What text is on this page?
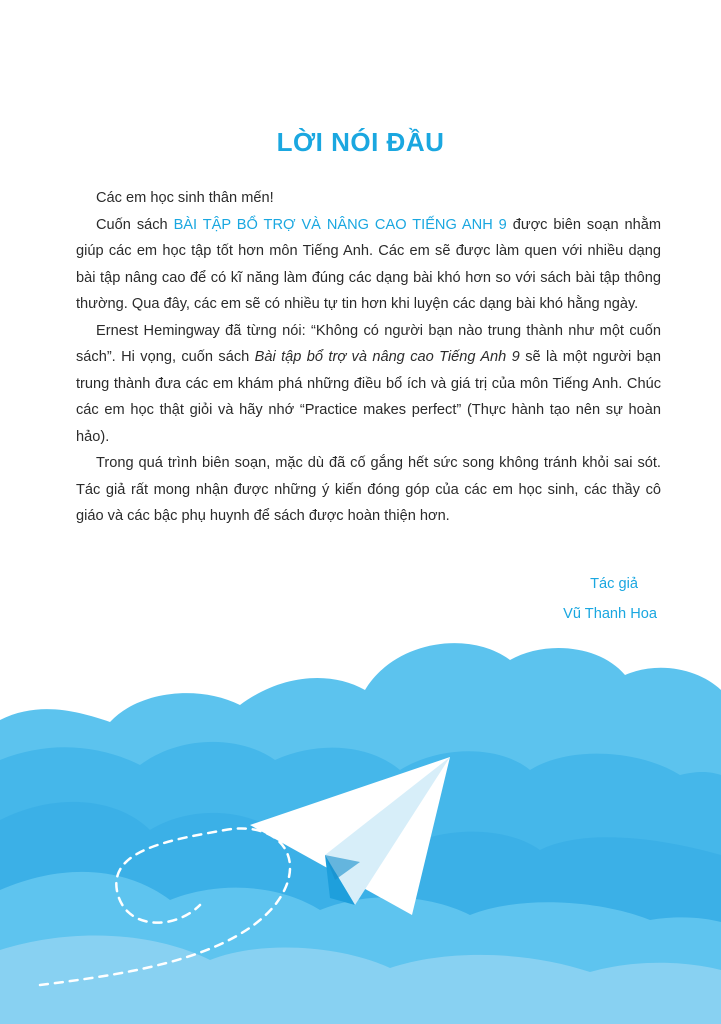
LỜI NÓI ĐẦU

Các em học sinh thân mến!

Cuốn sách BÀI TẬP BỔ TRỢ VÀ NÂNG CAO TIẾNG ANH 9 được biên soạn nhằm giúp các em học tập tốt hơn môn Tiếng Anh. Các em sẽ được làm quen với nhiều dạng bài tập nâng cao để có kĩ năng làm đúng các dạng bài khó hơn so với sách bài tập thông thường. Qua đây, các em sẽ có nhiều tự tin hơn khi luyện các dạng bài khó hằng ngày.

Ernest Hemingway đã từng nói: “Không có người bạn nào trung thành như một cuốn sách”. Hi vọng, cuốn sách Bài tập bổ trợ và nâng cao Tiếng Anh 9 sẽ là một người bạn trung thành đưa các em khám phá những điều bổ ích và giá trị của môn Tiếng Anh. Chúc các em học thật giỏi và hãy nhớ “Practice makes perfect” (Thực hành tạo nên sự hoàn hảo).

Trong quá trình biên soạn, mặc dù đã cố gắng hết sức song không tránh khỏi sai sót. Tác giả rất mong nhận được những ý kiến đóng góp của các em học sinh, các thầy cô giáo và các bậc phụ huynh để sách được hoàn thiện hơn.

Tác giả
Vũ Thanh Hoa
